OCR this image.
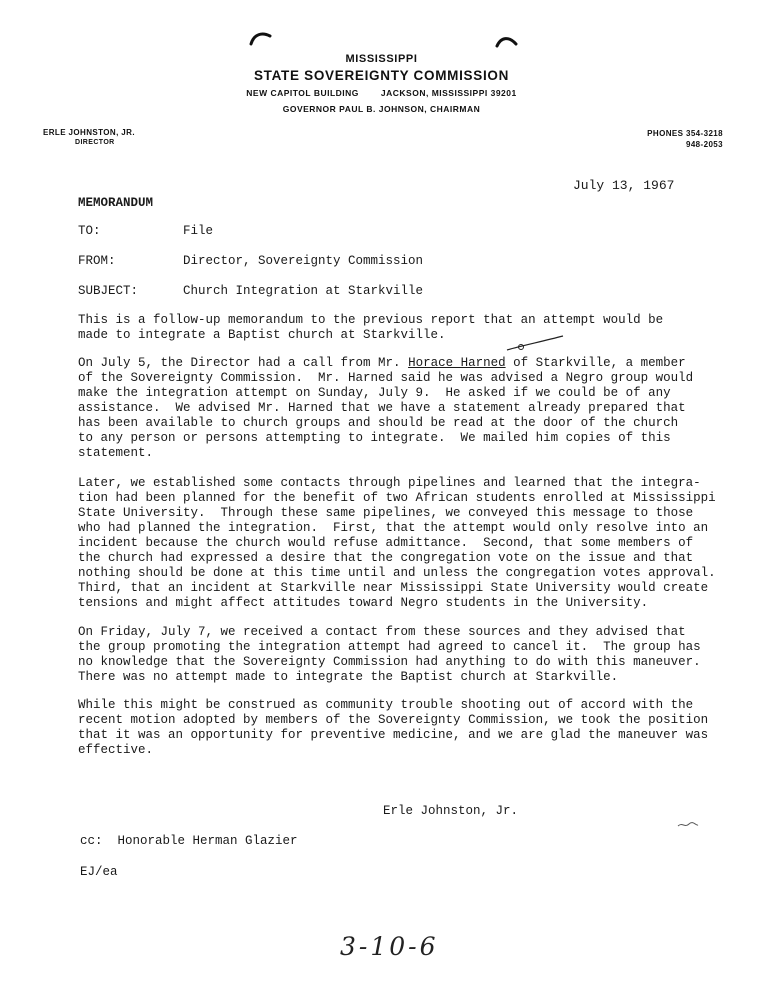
MISSISSIPPI
STATE SOVEREIGNTY COMMISSION
NEW CAPITOL BUILDING	JACKSON, MISSISSIPPI 39201
GOVERNOR PAUL B. JOHNSON, CHAIRMAN
ERLE JOHNSTON, JR.
DIRECTOR
PHONES 354-3218
948-2053
July 13, 1967
MEMORANDUM
TO:	File
FROM:	Director, Sovereignty Commission
SUBJECT:	Church Integration at Starkville
This is a follow-up memorandum to the previous report that an attempt would be
made to integrate a Baptist church at Starkville.
On July 5, the Director had a call from Mr. Horace Harned of Starkville, a member
of the Sovereignty Commission.  Mr. Harned said he was advised a Negro group would
make the integration attempt on Sunday, July 9.  He asked if we could be of any
assistance.  We advised Mr. Harned that we have a statement already prepared that
has been available to church groups and should be read at the door of the church
to any person or persons attempting to integrate.  We mailed him copies of this
statement.
Later, we established some contacts through pipelines and learned that the integra-
tion had been planned for the benefit of two African students enrolled at Mississippi
State University.  Through these same pipelines, we conveyed this message to those
who had planned the integration.  First, that the attempt would only resolve into an
incident because the church would refuse admittance.  Second, that some members of
the church had expressed a desire that the congregation vote on the issue and that
nothing should be done at this time until and unless the congregation votes approval.
Third, that an incident at Starkville near Mississippi State University would create
tensions and might affect attitudes toward Negro students in the University.
On Friday, July 7, we received a contact from these sources and they advised that
the group promoting the integration attempt had agreed to cancel it.  The group has
no knowledge that the Sovereignty Commission had anything to do with this maneuver.
There was no attempt made to integrate the Baptist church at Starkville.
While this might be construed as community trouble shooting out of accord with the
recent motion adopted by members of the Sovereignty Commission, we took the position
that it was an opportunity for preventive medicine, and we are glad the maneuver was
effective.
Erle Johnston, Jr.
cc:  Honorable Herman Glazier
EJ/ea
3-10-6
